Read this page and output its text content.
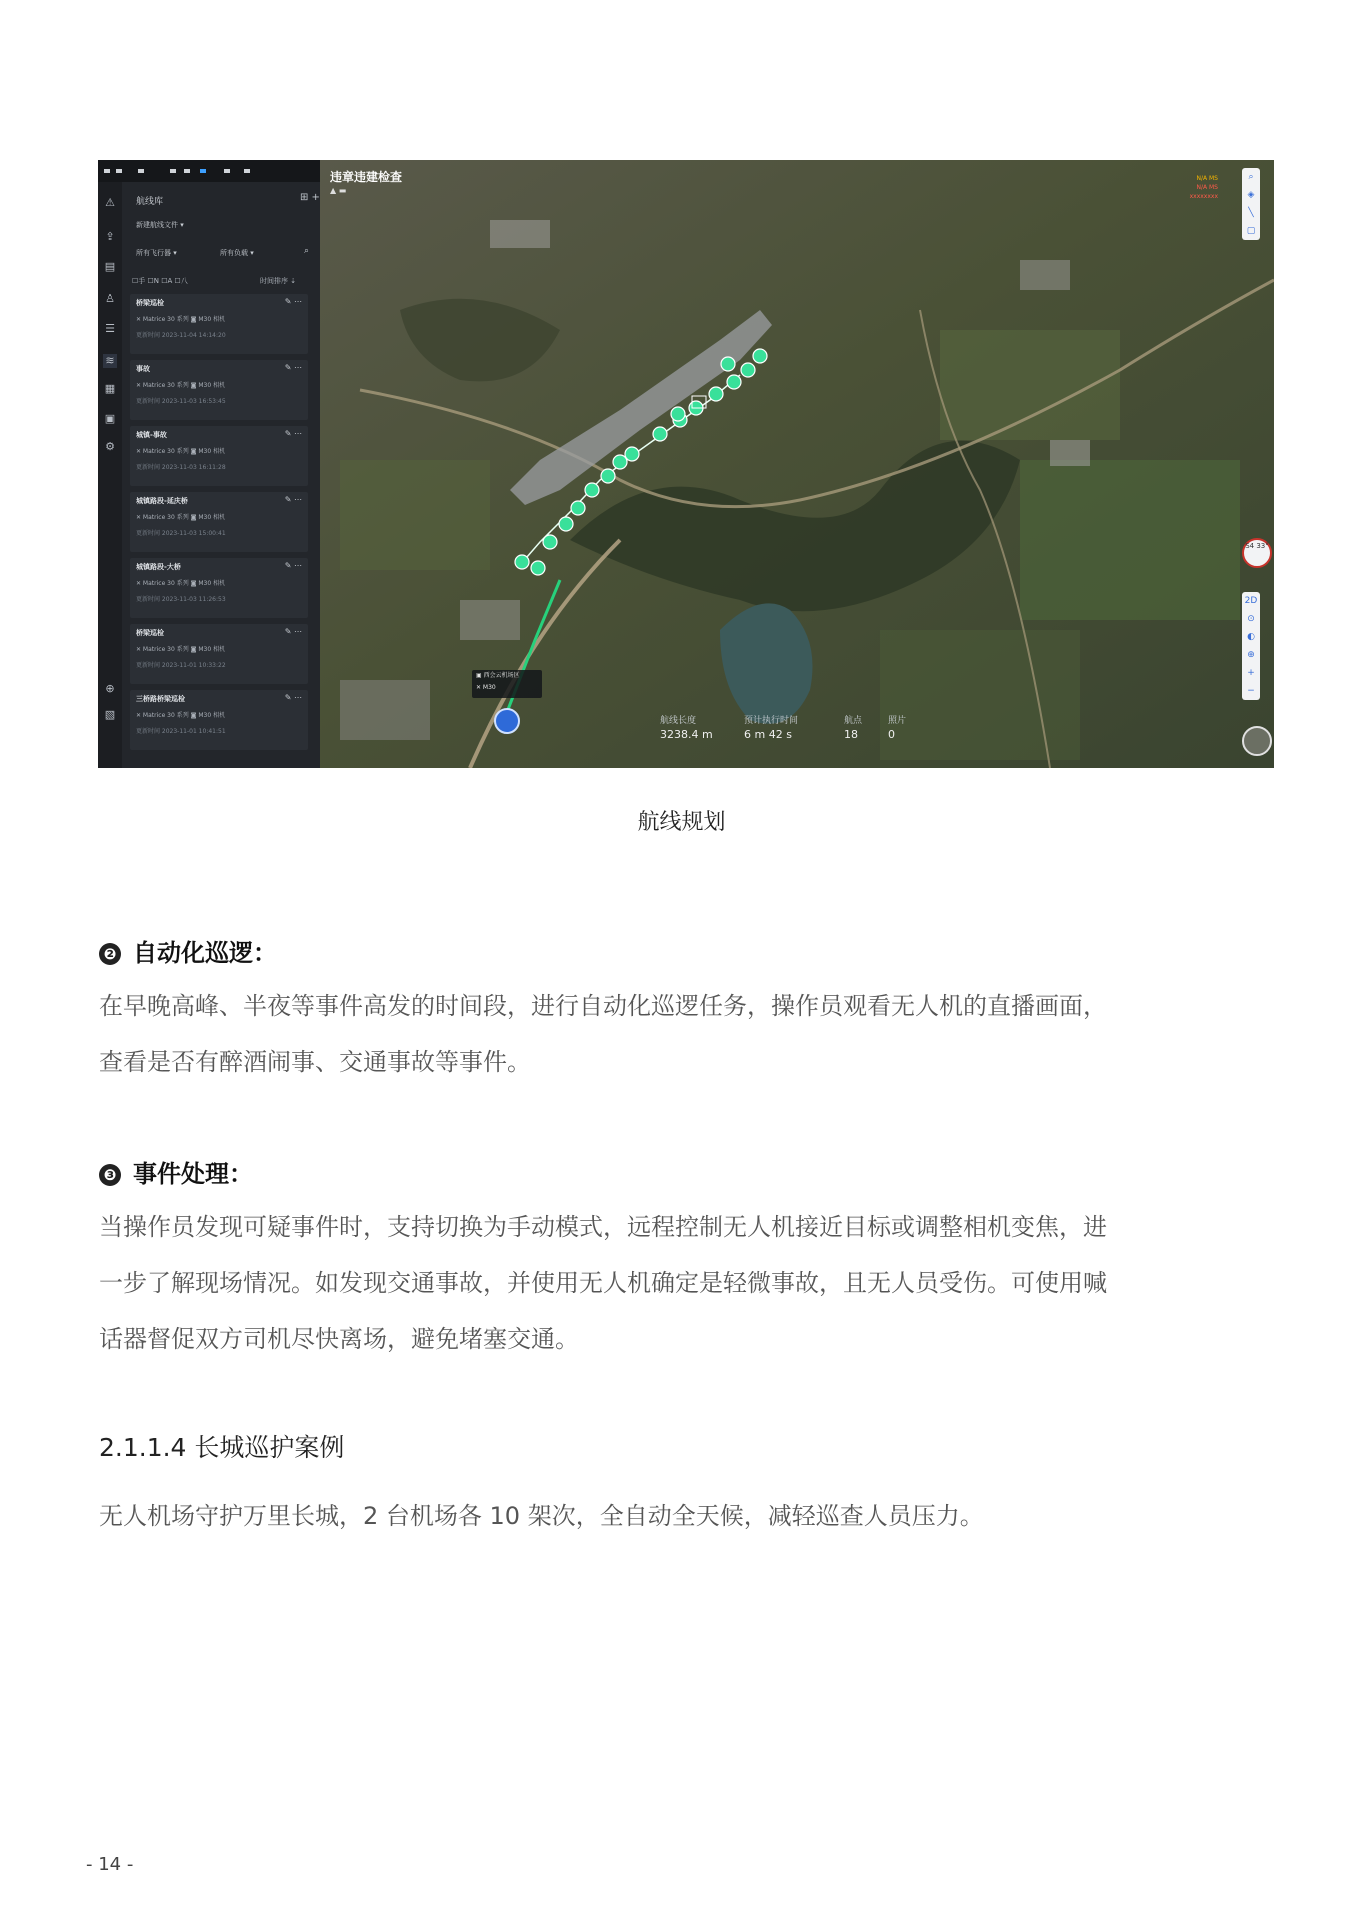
⚠
⇪
▤
♙
☰
≋
▦
▣
⚙
⊕
▧
航线库	⊞ +
新建航线文件 ▾
所有飞行器 ▾	所有负载 ▾	⌕
☐手 ☐N ☐A ☐八	时间排序 ⇣
桥梁巡检	✎ ⋯
✕ Matrice 30 系列 ◙ M30 相机
更新时间 2023-11-04 14:14:20
事故	✎ ⋯
✕ Matrice 30 系列 ◙ M30 相机
更新时间 2023-11-03 16:53:45
城镇-事故	✎ ⋯
✕ Matrice 30 系列 ◙ M30 相机
更新时间 2023-11-03 16:11:28
城镇路段-延庆桥	✎ ⋯
✕ Matrice 30 系列 ◙ M30 相机
更新时间 2023-11-03 15:00:41
城镇路段-大桥	✎ ⋯
✕ Matrice 30 系列 ◙ M30 相机
更新时间 2023-11-03 11:26:53
桥梁巡检	✎ ⋯
✕ Matrice 30 系列 ◙ M30 相机
更新时间 2023-11-01 10:33:22
三桥路桥梁巡检	✎ ⋯
✕ Matrice 30 系列 ◙ M30 相机
更新时间 2023-11-01 10:41:51
违章违建检查
▲ ▬
N/A MS
N/A MS
xxxxxxxx
⌕
◈
╲
▢
S4 33°
2D
⊙
◐
⊕
+
−
▣ 西会云机场区
✕ M30
航线长度
3238.4 m
预计执行时间
6 m 42 s
航点
18
照片
0
航线规划
❷ 自动化巡逻：
在早晚高峰、半夜等事件高发的时间段，进行自动化巡逻任务，操作员观看无人机的直播画面，
查看是否有醉酒闹事、交通事故等事件。
❸ 事件处理：
当操作员发现可疑事件时，支持切换为手动模式，远程控制无人机接近目标或调整相机变焦，进
一步了解现场情况。如发现交通事故，并使用无人机确定是轻微事故，且无人员受伤。可使用喊
话器督促双方司机尽快离场，避免堵塞交通。
2.1.1.4 长城巡护案例
无人机场守护万里长城，2 台机场各 10 架次，全自动全天候，减轻巡查人员压力。
- 14 -
